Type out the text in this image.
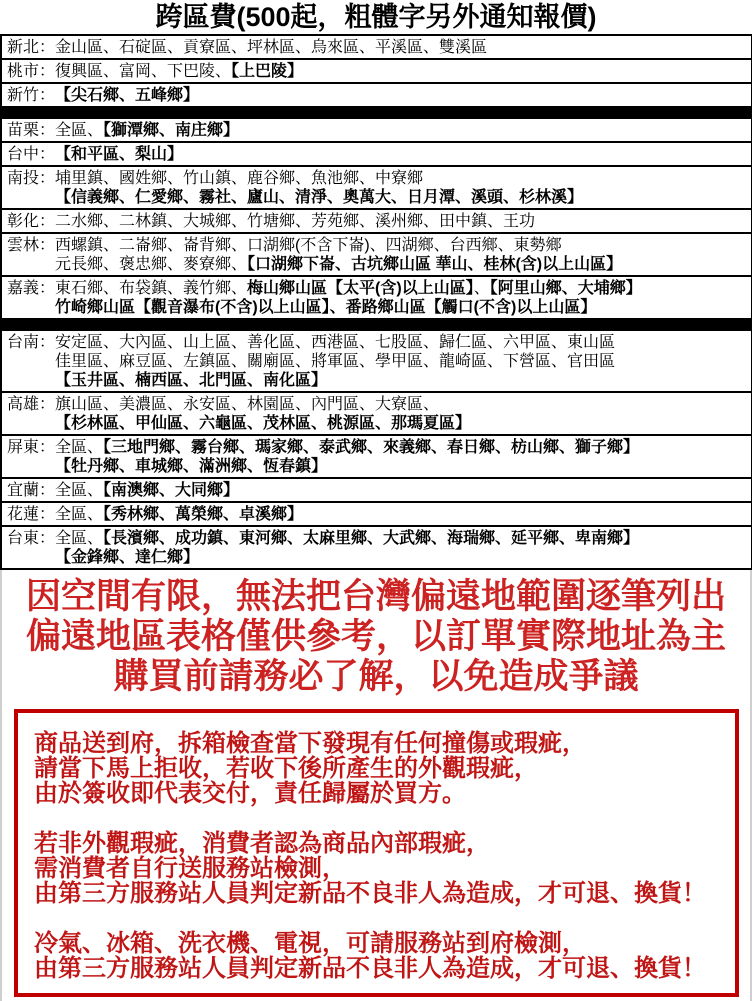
跨區費(500起，粗體字另外通知報價)
新北： 金山區、石碇區、貢寮區、坪林區、烏來區、平溪區、雙溪區
桃市： 復興區、富岡、下巴陵、【上巴陵】
新竹： 【尖石鄉、五峰鄉】
苗栗： 全區、【獅潭鄉、南庄鄉】
台中： 【和平區、梨山】
南投： 埔里鎮、國姓鄉、竹山鎮、鹿谷鄉、魚池鄉、中寮鄉
【信義鄉、仁愛鄉、霧社、廬山、清淨、奧萬大、日月潭、溪頭、杉林溪】
彰化： 二水鄉、二林鎮、大城鄉、竹塘鄉、芳苑鄉、溪州鄉、田中鎮、王功
雲林： 西螺鎮、二崙鄉、崙背鄉、口湖鄉(不含下崙)、四湖鄉、台西鄉、東勢鄉
元長鄉、褒忠鄉、麥寮鄉、【口湖鄉下崙、古坑鄉山區 華山、桂林(含)以上山區】
嘉義： 東石鄉、布袋鎮、義竹鄉、梅山鄉山區【太平(含)以上山區】、【阿里山鄉、大埔鄉】
竹崎鄉山區【觀音瀑布(不含)以上山區】、番路鄉山區【觸口(不含)以上山區】
台南： 安定區、大內區、山上區、善化區、西港區、七股區、歸仁區、六甲區、東山區
佳里區、麻豆區、左鎮區、關廟區、將軍區、學甲區、龍崎區、下營區、官田區
【玉井區、楠西區、北門區、南化區】
高雄： 旗山區、美濃區、永安區、林園區、內門區、大寮區、
【杉林區、甲仙區、六龜區、茂林區、桃源區、那瑪夏區】
屏東： 全區、【三地門鄉、霧台鄉、瑪家鄉、泰武鄉、來義鄉、春日鄉、枋山鄉、獅子鄉】
【牡丹鄉、車城鄉、滿洲鄉、恆春鎮】
宜蘭： 全區、【南澳鄉、大同鄉】
花蓮： 全區、【秀林鄉、萬榮鄉、卓溪鄉】
台東： 全區、【長濱鄉、成功鎮、東河鄉、太麻里鄉、大武鄉、海瑞鄉、延平鄉、卑南鄉】
【金鋒鄉、達仁鄉】
因空間有限，無法把台灣偏遠地範圍逐筆列出
偏遠地區表格僅供參考，以訂單實際地址為主
購買前請務必了解，以免造成爭議
商品送到府，拆箱檢查當下發現有任何撞傷或瑕疵，
請當下馬上拒收，若收下後所產生的外觀瑕疵，
由於簽收即代表交付，責任歸屬於買方。
若非外觀瑕疵，消費者認為商品內部瑕疵，
需消費者自行送服務站檢測，
由第三方服務站人員判定新品不良非人為造成，才可退、換貨！
冷氣、冰箱、洗衣機、電視，可請服務站到府檢測，
由第三方服務站人員判定新品不良非人為造成，才可退、換貨！
